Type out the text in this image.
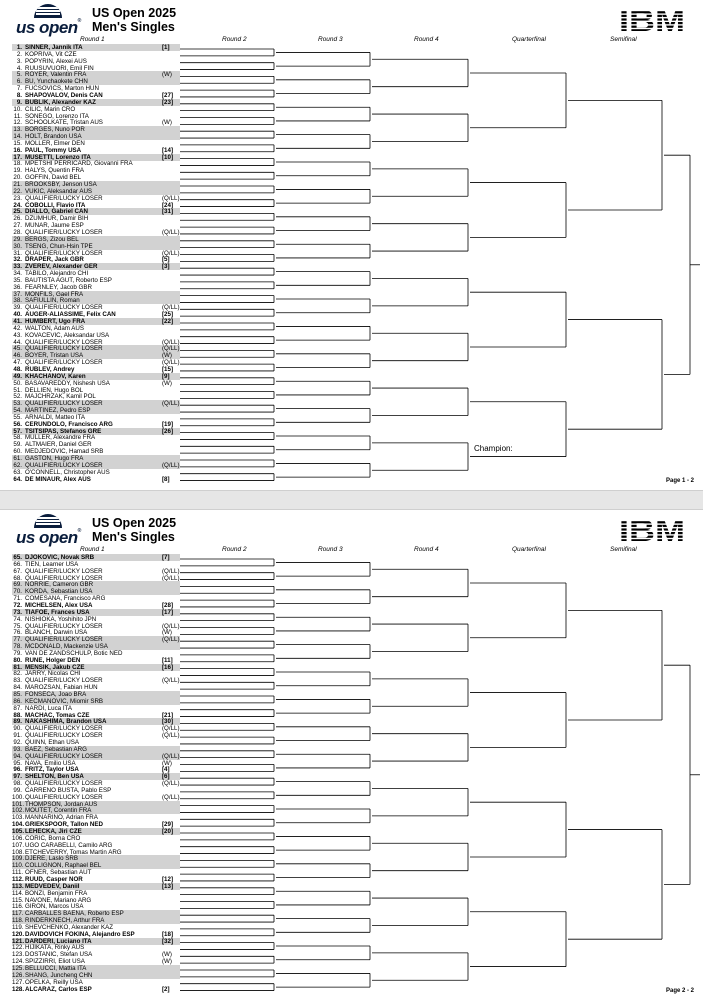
us open®
US Open 2025
Men's Singles	IBM
Round 1	Round 2	Round 3	Round 4	Quarterfinal	Semifinal
1. SINNER, Jannik ITA	[1]
2. KOPRIVA, Vit CZE
3. POPYRIN, Alexei AUS
4. RUUSUVUORI, Emil FIN
5. ROYER, Valentin FRA	(W)
6. BU, Yunchaokete CHN
7. FUCSOVICS, Marton HUN
8. SHAPOVALOV, Denis CAN	[27]
9. BUBLIK, Alexander KAZ	[23]
10. CILIC, Marin CRO
11. SONEGO, Lorenzo ITA
12. SCHOOLKATE, Tristan AUS	(W)
13. BORGES, Nuno POR
14. HOLT, Brandon USA
15. MOLLER, Elmer DEN
16. PAUL, Tommy USA	[14]
17. MUSETTI, Lorenzo ITA	[10]
18. MPETSHI PERRICARD, Giovanni FRA
19. HALYS, Quentin FRA
20. GOFFIN, David BEL
21. BROOKSBY, Jenson USA
22. VUKIC, Aleksandar AUS
23. QUALIFIER/LUCKY LOSER	(Q/LL)
24. COBOLLI, Flavio ITA	[24]
25. DIALLO, Gabriel CAN	[31]
26. DZUMHUR, Damir BIH
27. MUNAR, Jaume ESP
28. QUALIFIER/LUCKY LOSER	(Q/LL)
29. BERGS, Zizou BEL
30. TSENG, Chun-Hsin TPE
31. QUALIFIER/LUCKY LOSER	(Q/LL)
32. DRAPER, Jack GBR	[5]
33. ZVEREV, Alexander GER	[3]
34. TABILO, Alejandro CHI
35. BAUTISTA AGUT, Roberto ESP
36. FEARNLEY, Jacob GBR
37. MONFILS, Gael FRA
38. SAFIULLIN, Roman
39. QUALIFIER/LUCKY LOSER	(Q/LL)
40. AUGER-ALIASSIME, Felix CAN	[25]
41. HUMBERT, Ugo FRA	[22]
42. WALTON, Adam AUS
43. KOVACEVIC, Aleksandar USA
44. QUALIFIER/LUCKY LOSER	(Q/LL)
45. QUALIFIER/LUCKY LOSER	(Q/LL)
46. BOYER, Tristan USA	(W)
47. QUALIFIER/LUCKY LOSER	(Q/LL)
48. RUBLEV, Andrey	[15]
49. KHACHANOV, Karen	[9]
50. BASAVAREDDY, Nishesh USA	(W)
51. DELLIEN, Hugo BOL
52. MAJCHRZAK, Kamil POL
53. QUALIFIER/LUCKY LOSER	(Q/LL)
54. MARTINEZ, Pedro ESP
55. ARNALDI, Matteo ITA
56. CERUNDOLO, Francisco ARG	[19]
57. TSITSIPAS, Stefanos GRE	[26]
58. MULLER, Alexandre FRA
59. ALTMAIER, Daniel GER
60. MEDJEDOVIC, Hamad SRB
61. GASTON, Hugo FRA
62. QUALIFIER/LUCKY LOSER	(Q/LL)
63. O'CONNELL, Christopher AUS
64. DE MINAUR, Alex AUS	[8]
Champion:
Page 1 - 2
us open®
US Open 2025
Men's Singles	IBM
Round 1	Round 2	Round 3	Round 4	Quarterfinal	Semifinal
65. DJOKOVIC, Novak SRB	[7]
66. TIEN, Learner USA
67. QUALIFIER/LUCKY LOSER	(Q/LL)
68. QUALIFIER/LUCKY LOSER	(Q/LL)
69. NORRIE, Cameron GBR
70. KORDA, Sebastian USA
71. COMESANA, Francisco ARG
72. MICHELSEN, Alex USA	[28]
73. TIAFOE, Frances USA	[17]
74. NISHIOKA, Yoshihito JPN
75. QUALIFIER/LUCKY LOSER	(Q/LL)
76. BLANCH, Darwin USA	(W)
77. QUALIFIER/LUCKY LOSER	(Q/LL)
78. MCDONALD, Mackenzie USA
79. VAN DE ZANDSCHULP, Botic NED
80. RUNE, Holger DEN	[11]
81. MENSIK, Jakub CZE	[16]
82. JARRY, Nicolas CHI
83. QUALIFIER/LUCKY LOSER	(Q/LL)
84. MAROZSAN, Fabian HUN
85. FONSECA, Joao BRA
86. KECMANOVIC, Miomir SRB
87. NARDI, Luca ITA
88. MACHAC, Tomas CZE	[21]
89. NAKASHIMA, Brandon USA	[30]
90. QUALIFIER/LUCKY LOSER	(Q/LL)
91. QUALIFIER/LUCKY LOSER	(Q/LL)
92. QUINN, Ethan USA
93. BAEZ, Sebastian ARG
94. QUALIFIER/LUCKY LOSER	(Q/LL)
95. NAVA, Emilio USA	(W)
96. FRITZ, Taylor USA	[4]
97. SHELTON, Ben USA	[6]
98. QUALIFIER/LUCKY LOSER	(Q/LL)
99. CARRENO BUSTA, Pablo ESP
100. QUALIFIER/LUCKY LOSER	(Q/LL)
101. THOMPSON, Jordan AUS
102. MOUTET, Corentin FRA
103. MANNARINO, Adrian FRA
104. GRIEKSPOOR, Tallon NED	[29]
105. LEHECKA, Jiri CZE	[20]
106. CORIC, Borna CRO
107. UGO CARABELLI, Camilo ARG
108. ETCHEVERRY, Tomas Martin ARG
109. DJERE, Laslo SRB
110. COLLIGNON, Raphael BEL
111. OFNER, Sebastian AUT
112. RUUD, Casper NOR	[12]
113. MEDVEDEV, Daniil	[13]
114. BONZI, Benjamin FRA
115. NAVONE, Mariano ARG
116. GIRON, Marcos USA
117. CARBALLES BAENA, Roberto ESP
118. RINDERKNECH, Arthur FRA
119. SHEVCHENKO, Alexander KAZ
120. DAVIDOVICH FOKINA, Alejandro ESP	[18]
121. DARDERI, Luciano ITA	[32]
122. HIJIKATA, Rinky AUS
123. DOSTANIC, Stefan USA	(W)
124. SPIZZIRRI, Eliot USA	(W)
125. BELLUCCI, Mattia ITA
126. SHANG, Juncheng CHN
127. OPELKA, Reilly USA
128. ALCARAZ, Carlos ESP	[2]	Page 2 - 2
